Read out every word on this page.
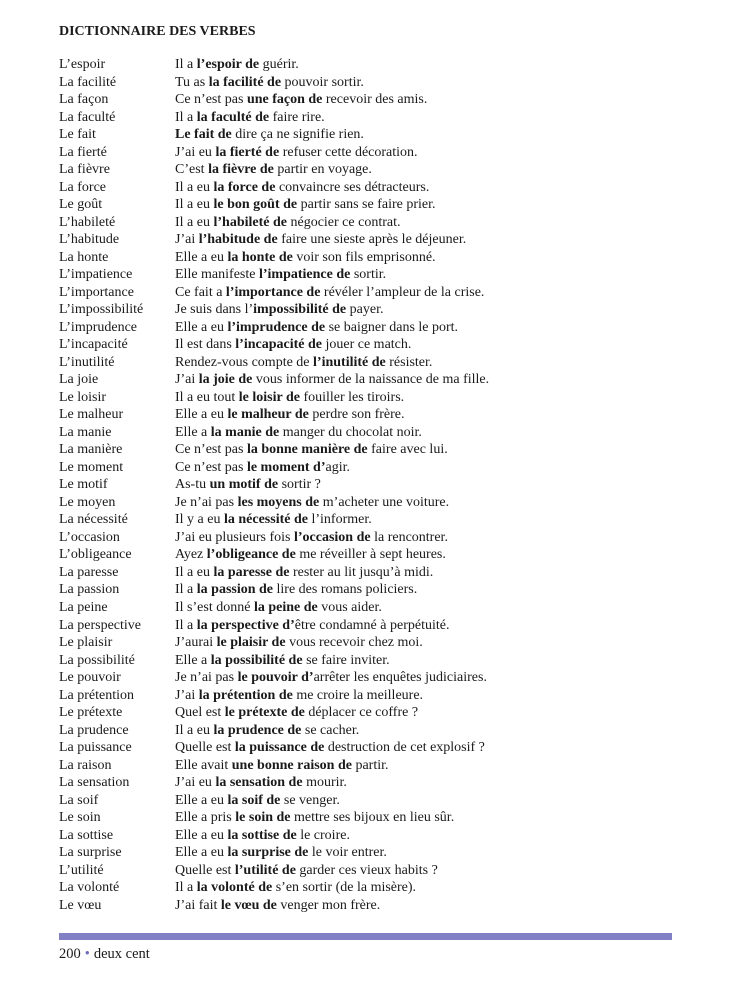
DICTIONNAIRE DES VERBES
L’espoir	Il a l’espoir de guérir.
La facilité	Tu as la facilité de pouvoir sortir.
La façon	Ce n’est pas une façon de recevoir des amis.
La faculté	Il a la faculté de faire rire.
Le fait	Le fait de dire ça ne signifie rien.
La fierté	J’ai eu la fierté de refuser cette décoration.
La fièvre	C’est la fièvre de partir en voyage.
La force	Il a eu la force de convaincre ses détracteurs.
Le goût	Il a eu le bon goût de partir sans se faire prier.
L’habileté	Il a eu l’habileté de négocier ce contrat.
L’habitude	J’ai l’habitude de faire une sieste après le déjeuner.
La honte	Elle a eu la honte de voir son fils emprisonné.
L’impatience	Elle manifeste l’impatience de sortir.
L’importance	Ce fait a l’importance de révéler l’ampleur de la crise.
L’impossibilité	Je suis dans l’impossibilité de payer.
L’imprudence	Elle a eu l’imprudence de se baigner dans le port.
L’incapacité	Il est dans l’incapacité de jouer ce match.
L’inutilité	Rendez-vous compte de l’inutilité de résister.
La joie	J’ai la joie de vous informer de la naissance de ma fille.
Le loisir	Il a eu tout le loisir de fouiller les tiroirs.
Le malheur	Elle a eu le malheur de perdre son frère.
La manie	Elle a la manie de manger du chocolat noir.
La manière	Ce n’est pas la bonne manière de faire avec lui.
Le moment	Ce n’est pas le moment d’agir.
Le motif	As-tu un motif de sortir ?
Le moyen	Je n’ai pas les moyens de m’acheter une voiture.
La nécessité	Il y a eu la nécessité de l’informer.
L’occasion	J’ai eu plusieurs fois l’occasion de la rencontrer.
L’obligeance	Ayez l’obligeance de me réveiller à sept heures.
La paresse	Il a eu la paresse de rester au lit jusqu’à midi.
La passion	Il a la passion de lire des romans policiers.
La peine	Il s’est donné la peine de vous aider.
La perspective	Il a la perspective d’être condamné à perpétuité.
Le plaisir	J’aurai le plaisir de vous recevoir chez moi.
La possibilité	Elle a la possibilité de se faire inviter.
Le pouvoir	Je n’ai pas le pouvoir d’arrêter les enquêtes judiciaires.
La prétention	J’ai la prétention de me croire la meilleure.
Le prétexte	Quel est le prétexte de déplacer ce coffre ?
La prudence	Il a eu la prudence de se cacher.
La puissance	Quelle est la puissance de destruction de cet explosif ?
La raison	Elle avait une bonne raison de partir.
La sensation	J’ai eu la sensation de mourir.
La soif	Elle a eu la soif de se venger.
Le soin	Elle a pris le soin de mettre ses bijoux en lieu sûr.
La sottise	Elle a eu la sottise de le croire.
La surprise	Elle a eu la surprise de le voir entrer.
L’utilité	Quelle est l’utilité de garder ces vieux habits ?
La volonté	Il a la volonté de s’en sortir (de la misère).
Le vœu	J’ai fait le vœu de venger mon frère.
200 • deux cent
